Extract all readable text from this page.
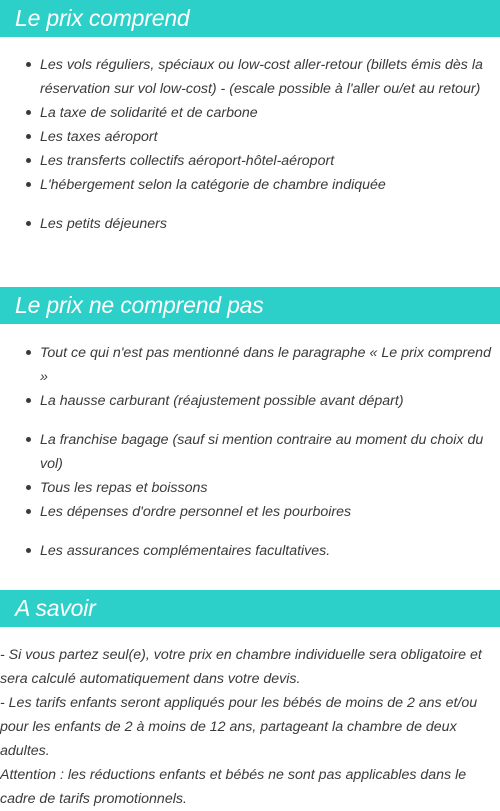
Le prix comprend
Les vols réguliers, spéciaux ou low-cost aller-retour (billets émis dès la réservation sur vol low-cost) - (escale possible à l'aller ou/et au retour)
La taxe de solidarité et de carbone
Les taxes aéroport
Les transferts collectifs aéroport-hôtel-aéroport
L'hébergement selon la catégorie de chambre indiquée
Les petits déjeuners
Le prix ne comprend pas
Tout ce qui n'est pas mentionné dans le paragraphe « Le prix comprend »
La hausse carburant (réajustement possible avant départ)
La franchise bagage (sauf si mention contraire au moment du choix du vol)
Tous les repas et boissons
Les dépenses d'ordre personnel et les pourboires
Les assurances complémentaires facultatives.
A savoir

- Si vous partez seul(e), votre prix en chambre individuelle sera obligatoire et sera calculé automatiquement dans votre devis.

- Les tarifs enfants seront appliqués pour les bébés de moins de 2 ans et/ou pour les enfants de 2 à moins de 12 ans, partageant la chambre de deux adultes.

Attention : les réductions enfants et bébés ne sont pas applicables dans le cadre de tarifs promotionnels.
